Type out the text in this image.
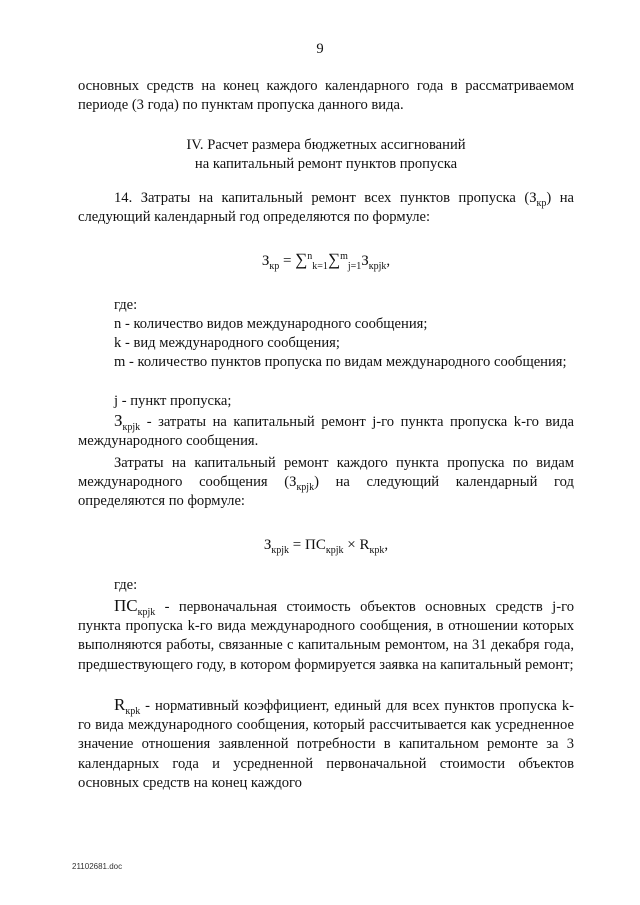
9

основных средств на конец каждого календарного года в рассматриваемом периоде (3 года) по пунктам пропуска данного вида.

IV. Расчет размера бюджетных ассигнований
на капитальный ремонт пунктов пропуска

14. Затраты на капитальный ремонт всех пунктов пропуска $(З_{кр})$ на следующий календарный год определяются по формуле:

$З_{кр} = \sum^n_{k=1}\sum^m_{j=1}З_{крjk}$,

где:

n - количество видов международного сообщения;

k - вид международного сообщения;

m - количество пунктов пропуска по видам международного сообщения;

j - пункт пропуска;

$З_{крjk}$ - затраты на капитальный ремонт j-го пункта пропуска k-го вида международного сообщения.

Затраты на капитальный ремонт каждого пункта пропуска по видам международного сообщения $(З_{крjk})$ на следующий календарный год определяются по формуле:

$З_{крjk} = ПС_{крjk} \times R_{крk}$,

где:

$ПС_{крjk}$ - первоначальная стоимость объектов основных средств j-го пункта пропуска k-го вида международного сообщения, в отношении которых выполняются работы, связанные с капитальным ремонтом, на 31 декабря года, предшествующего году, в котором формируется заявка на капитальный ремонт;

$R_{крk}$ - нормативный коэффициент, единый для всех пунктов пропуска k-го вида международного сообщения, который рассчитывается как усредненное значение отношения заявленной потребности в капитальном ремонте за 3 календарных года и усредненной первоначальной стоимости объектов основных средств на конец каждого

21102681.doc
